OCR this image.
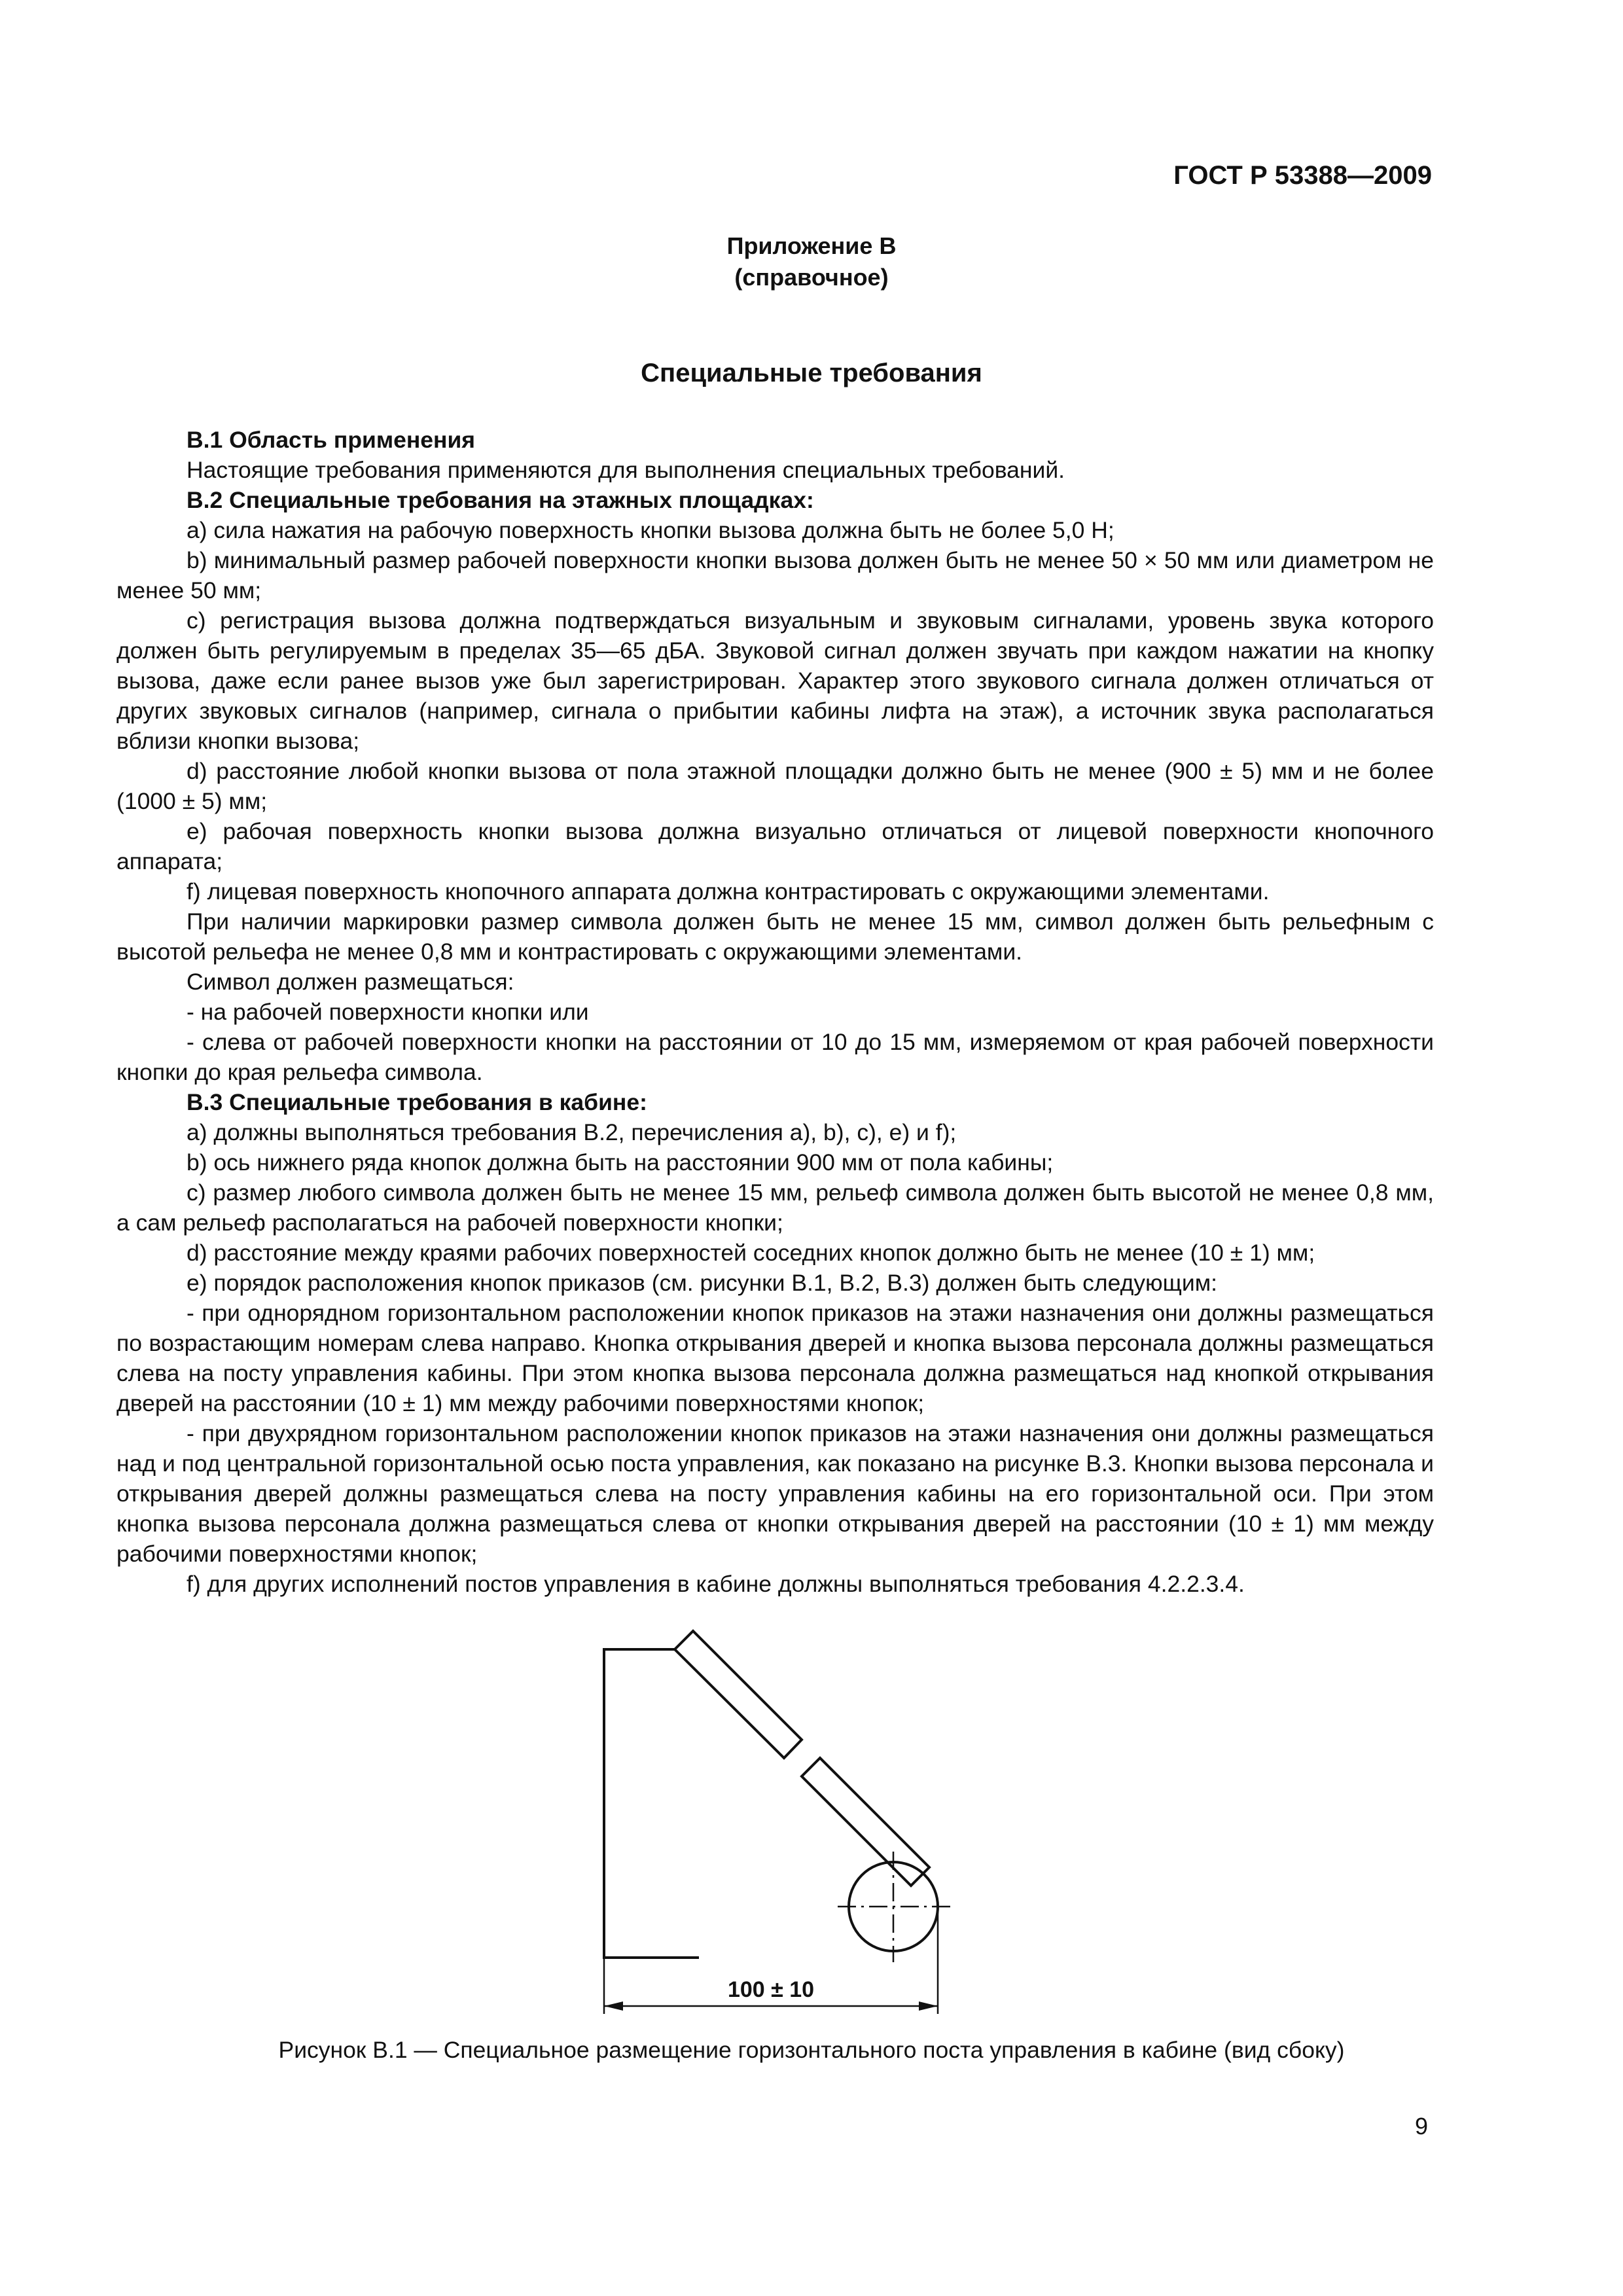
ГОСТ Р 53388—2009
Приложение В
(справочное)
Специальные требования

В.1 Область применения

Настоящие требования применяются для выполнения специальных требований.

В.2 Специальные требования на этажных площадках:

а) сила нажатия на рабочую поверхность кнопки вызова должна быть не более 5,0 Н;

b) минимальный размер рабочей поверхности кнопки вызова должен быть не менее 50 × 50 мм или диаметром не менее 50 мм;

с) регистрация вызова должна подтверждаться визуальным и звуковым сигналами, уровень звука которого должен быть регулируемым в пределах 35—65 дБА. Звуковой сигнал должен звучать при каждом нажатии на кнопку вызова, даже если ранее вызов уже был зарегистрирован. Характер этого звукового сигнала должен отличаться от других звуковых сигналов (например, сигнала о прибытии кабины лифта на этаж), а источник звука располагаться вблизи кнопки вызова;

d) расстояние любой кнопки вызова от пола этажной площадки должно быть не менее (900 ± 5) мм и не более (1000 ± 5) мм;

е) рабочая поверхность кнопки вызова должна визуально отличаться от лицевой поверхности кнопочного аппарата;

f) лицевая поверхность кнопочного аппарата должна контрастировать с окружающими элементами.

При наличии маркировки размер символа должен быть не менее 15 мм, символ должен быть рельефным с высотой рельефа не менее 0,8 мм и контрастировать с окружающими элементами.

Символ должен размещаться:

- на рабочей поверхности кнопки или

- слева от рабочей поверхности кнопки на расстоянии от 10 до 15 мм, измеряемом от края рабочей поверхности кнопки до края рельефа символа.

В.3 Специальные требования в кабине:

а) должны выполняться требования В.2, перечисления а), b), с), е) и f);

b) ось нижнего ряда кнопок должна быть на расстоянии 900 мм от пола кабины;

с) размер любого символа должен быть не менее 15 мм, рельеф символа должен быть высотой не менее 0,8 мм, а сам рельеф располагаться на рабочей поверхности кнопки;

d) расстояние между краями рабочих поверхностей соседних кнопок должно быть не менее (10 ± 1) мм;

е) порядок расположения кнопок приказов (см. рисунки В.1, В.2, В.3) должен быть следующим:

- при однорядном горизонтальном расположении кнопок приказов на этажи назначения они должны размещаться по возрастающим номерам слева направо. Кнопка открывания дверей и кнопка вызова персонала должны размещаться слева на посту управления кабины. При этом кнопка вызова персонала должна размещаться над кнопкой открывания дверей на расстоянии (10 ± 1) мм между рабочими поверхностями кнопок;

- при двухрядном горизонтальном расположении кнопок приказов на этажи назначения они должны размещаться над и под центральной горизонтальной осью поста управления, как показано на рисунке В.3. Кнопки вызова персонала и открывания дверей должны размещаться слева на посту управления кабины на его горизонтальной оси. При этом кнопка вызова персонала должна размещаться слева от кнопки открывания дверей на расстоянии (10 ± 1) мм между рабочими поверхностями кнопок;

f) для других исполнений постов управления в кабине должны выполняться требования 4.2.2.3.4.

100 ± 10
Рисунок В.1 — Специальное размещение горизонтального поста управления в кабине (вид сбоку)
9
